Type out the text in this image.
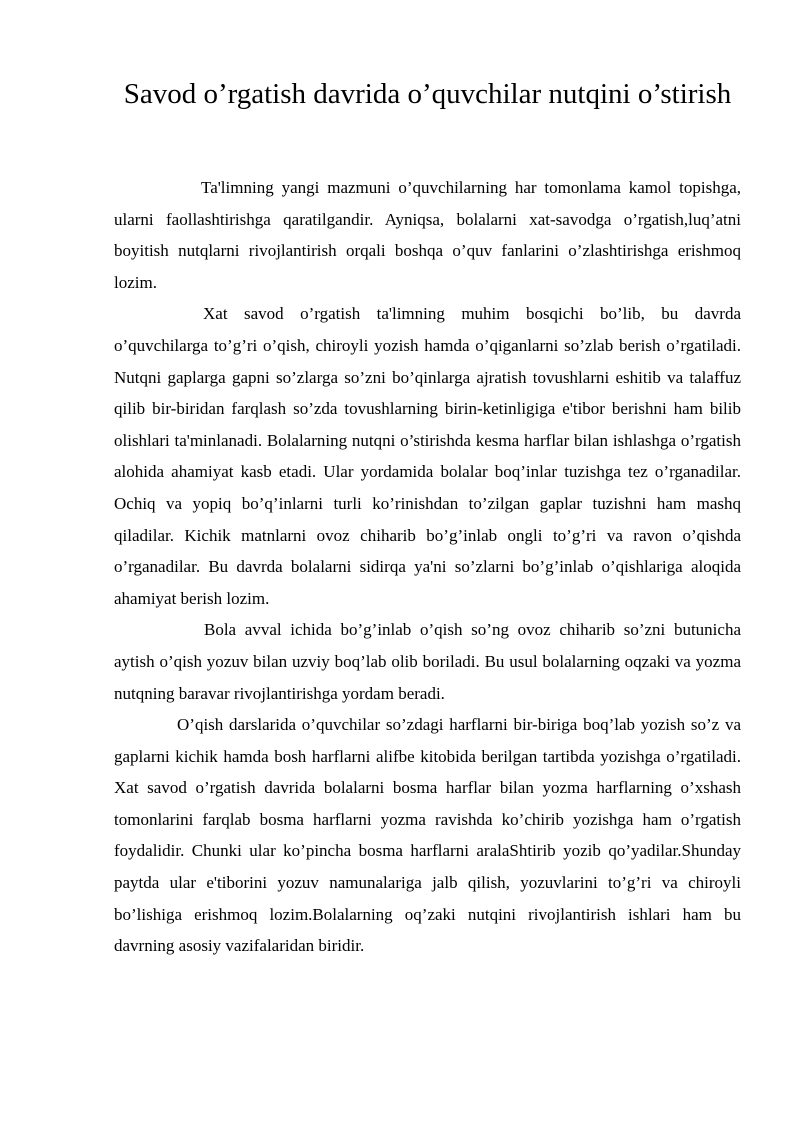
Savod o’rgatish davrida o’quvchilar nutqini o’stirish

Ta'limning yangi mazmuni o’quvchilarning har tomonlama kamol topishga, ularni faollashtirishga qaratilgandir. Ayniqsa, bolalarni xat-savodga o’rgatish,luq’atni boyitish nutqlarni rivojlantirish orqali boshqa o’quv fanlarini o’zlashtirishga erishmoq lozim.

Xat savod o’rgatish ta'limning muhim bosqichi bo’lib, bu davrda o’quvchilarga to’g’ri o’qish, chiroyli yozish hamda o’qiganlarni so’zlab berish o’rgatiladi. Nutqni gaplarga gapni so’zlarga so’zni bo’qinlarga ajratish tovushlarni eshitib va talaffuz qilib bir-biridan farqlash so’zda tovushlarning birin-ketinligiga e'tibor berishni ham bilib olishlari ta'minlanadi. Bolalarning nutqni o’stirishda kesma harflar bilan ishlashga o’rgatish alohida ahamiyat kasb etadi. Ular yordamida bolalar boq’inlar tuzishga tez o’rganadilar. Ochiq va yopiq bo’q’inlarni turli ko’rinishdan to’zilgan gaplar tuzishni ham mashq qiladilar. Kichik matnlarni ovoz chiharib bo’g’inlab ongli to’g’ri va ravon o’qishda o’rganadilar. Bu davrda bolalarni sidirqa ya'ni so’zlarni bo’g’inlab o’qishlariga aloqida ahamiyat berish lozim.

Bola avval ichida bo’g’inlab o’qish so’ng ovoz chiharib so’zni butunicha aytish o’qish yozuv bilan uzviy boq’lab olib boriladi. Bu usul bolalarning oqzaki va yozma nutqning baravar rivojlantirishga yordam beradi.

O’qish darslarida o’quvchilar so’zdagi harflarni bir-biriga boq’lab yozish so’z va gaplarni kichik hamda bosh harflarni alifbe kitobida berilgan tartibda yozishga o’rgatiladi. Xat savod o’rgatish davrida bolalarni bosma harflar bilan yozma harflarning o’xshash tomonlarini farqlab bosma harflarni yozma ravishda ko’chirib yozishga ham o’rgatish foydalidir. Chunki ular ko’pincha bosma harflarni aralaShtirib yozib qo’yadilar.Shunday paytda ular e'tiborini yozuv namunalariga jalb qilish, yozuvlarini to’g’ri va chiroyli bo’lishiga erishmoq lozim.Bolalarning oq’zaki nutqini rivojlantirish ishlari ham bu davrning asosiy vazifalaridan biridir.
